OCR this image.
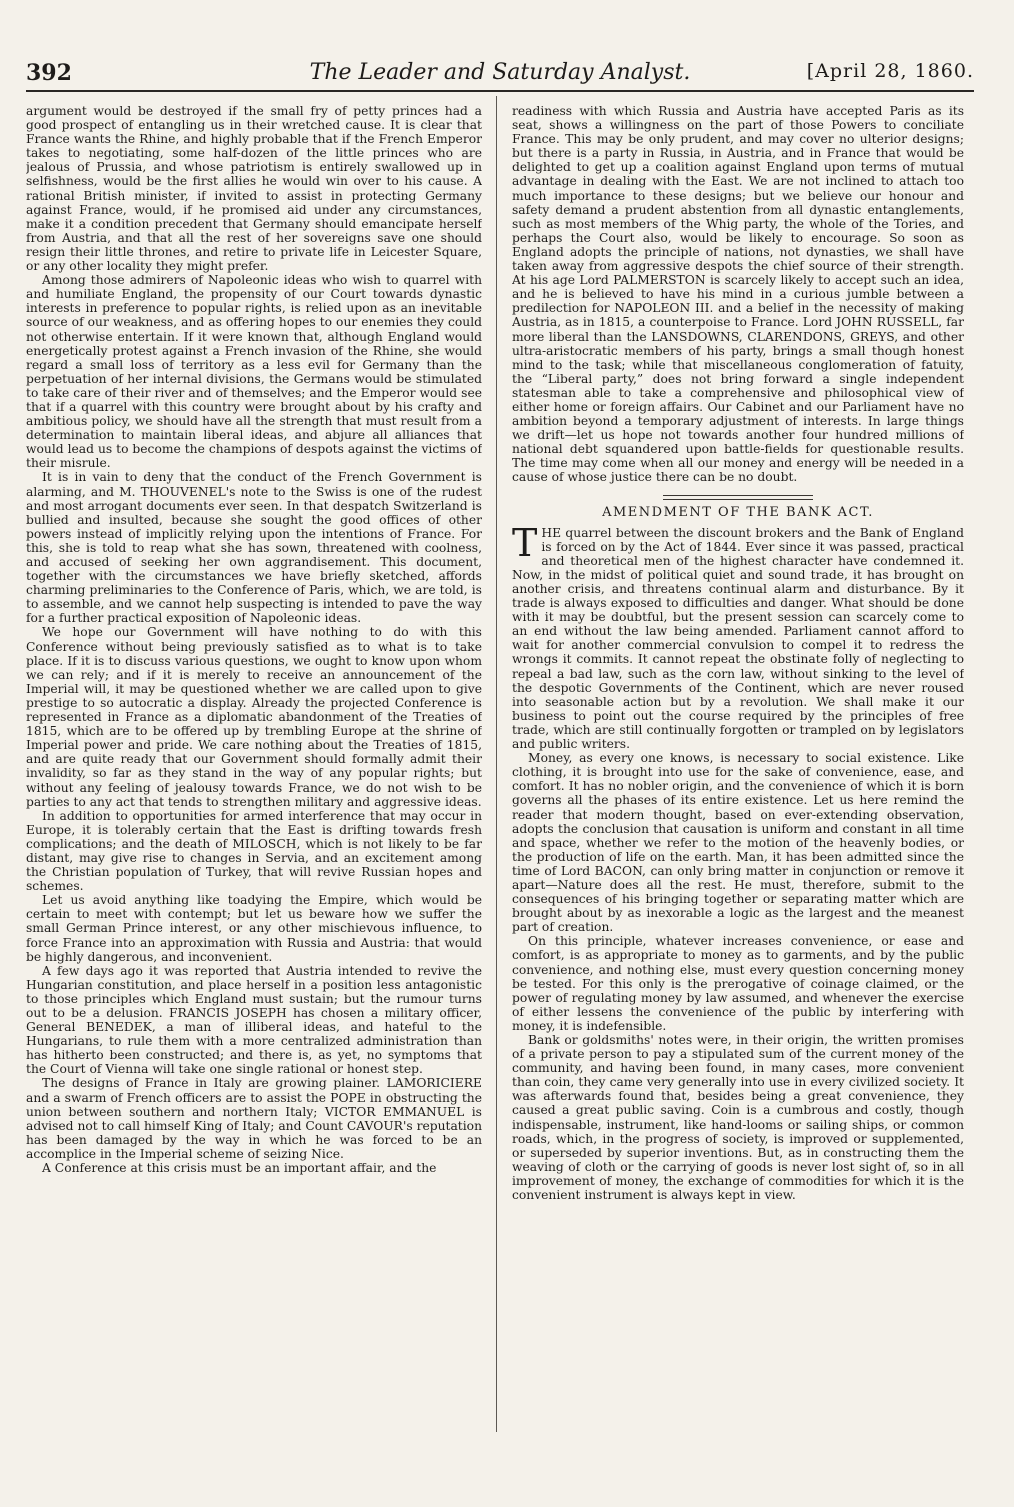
392	The Leader and Saturday Analyst.	[April 28, 1860.

argument would be destroyed if the small fry of petty princes had a good prospect of entangling us in their wretched cause. It is clear that France wants the Rhine, and highly probable that if the French Emperor takes to negotiating, some half-dozen of the little princes who are jealous of Prussia, and whose patriotism is entirely swallowed up in selfishness, would be the first allies he would win over to his cause. A rational British minister, if invited to assist in protecting Germany against France, would, if he promised aid under any circumstances, make it a condition precedent that Germany should emancipate herself from Austria, and that all the rest of her sovereigns save one should resign their little thrones, and retire to private life in Leicester Square, or any other locality they might prefer.

Among those admirers of Napoleonic ideas who wish to quarrel with and humiliate England, the propensity of our Court towards dynastic interests in preference to popular rights, is relied upon as an inevitable source of our weakness, and as offering hopes to our enemies they could not otherwise entertain. If it were known that, although England would energetically protest against a French invasion of the Rhine, she would regard a small loss of territory as a less evil for Germany than the perpetuation of her internal divisions, the Germans would be stimulated to take care of their river and of themselves; and the Emperor would see that if a quarrel with this country were brought about by his crafty and ambitious policy, we should have all the strength that must result from a determination to maintain liberal ideas, and abjure all alliances that would lead us to become the champions of despots against the victims of their misrule.

It is in vain to deny that the conduct of the French Government is alarming, and M. THOUVENEL's note to the Swiss is one of the rudest and most arrogant documents ever seen. In that despatch Switzerland is bullied and insulted, because she sought the good offices of other powers instead of implicitly relying upon the intentions of France. For this, she is told to reap what she has sown, threatened with coolness, and accused of seeking her own aggrandisement. This document, together with the circumstances we have briefly sketched, affords charming preliminaries to the Conference of Paris, which, we are told, is to assemble, and we cannot help suspecting is intended to pave the way for a further practical exposition of Napoleonic ideas.

We hope our Government will have nothing to do with this Conference without being previously satisfied as to what is to take place. If it is to discuss various questions, we ought to know upon whom we can rely; and if it is merely to receive an announcement of the Imperial will, it may be questioned whether we are called upon to give prestige to so autocratic a display. Already the projected Conference is represented in France as a diplomatic abandonment of the Treaties of 1815, which are to be offered up by trembling Europe at the shrine of Imperial power and pride. We care nothing about the Treaties of 1815, and are quite ready that our Government should formally admit their invalidity, so far as they stand in the way of any popular rights; but without any feeling of jealousy towards France, we do not wish to be parties to any act that tends to strengthen military and aggressive ideas.

In addition to opportunities for armed interference that may occur in Europe, it is tolerably certain that the East is drifting towards fresh complications; and the death of MILOSCH, which is not likely to be far distant, may give rise to changes in Servia, and an excitement among the Christian population of Turkey, that will revive Russian hopes and schemes.

Let us avoid anything like toadying the Empire, which would be certain to meet with contempt; but let us beware how we suffer the small German Prince interest, or any other mischievous influence, to force France into an approximation with Russia and Austria: that would be highly dangerous, and inconvenient.

A few days ago it was reported that Austria intended to revive the Hungarian constitution, and place herself in a position less antagonistic to those principles which England must sustain; but the rumour turns out to be a delusion. FRANCIS JOSEPH has chosen a military officer, General BENEDEK, a man of illiberal ideas, and hateful to the Hungarians, to rule them with a more centralized administration than has hitherto been constructed; and there is, as yet, no symptoms that the Court of Vienna will take one single rational or honest step.

The designs of France in Italy are growing plainer. LAMORICIERE and a swarm of French officers are to assist the POPE in obstructing the union between southern and northern Italy; VICTOR EMMANUEL is advised not to call himself King of Italy; and Count CAVOUR's reputation has been damaged by the way in which he was forced to be an accomplice in the Imperial scheme of seizing Nice.

A Conference at this crisis must be an important affair, and the

readiness with which Russia and Austria have accepted Paris as its seat, shows a willingness on the part of those Powers to conciliate France. This may be only prudent, and may cover no ulterior designs; but there is a party in Russia, in Austria, and in France that would be delighted to get up a coalition against England upon terms of mutual advantage in dealing with the East. We are not inclined to attach too much importance to these designs; but we believe our honour and safety demand a prudent abstention from all dynastic entanglements, such as most members of the Whig party, the whole of the Tories, and perhaps the Court also, would be likely to encourage. So soon as England adopts the principle of nations, not dynasties, we shall have taken away from aggressive despots the chief source of their strength. At his age Lord PALMERSTON is scarcely likely to accept such an idea, and he is believed to have his mind in a curious jumble between a predilection for NAPOLEON III. and a belief in the necessity of making Austria, as in 1815, a counterpoise to France. Lord JOHN RUSSELL, far more liberal than the LANSDOWNS, CLARENDONS, GREYS, and other ultra-aristocratic members of his party, brings a small though honest mind to the task; while that miscellaneous conglomeration of fatuity, the “Liberal party,” does not bring forward a single independent statesman able to take a comprehensive and philosophical view of either home or foreign affairs. Our Cabinet and our Parliament have no ambition beyond a temporary adjustment of interests. In large things we drift—let us hope not towards another four hundred millions of national debt squandered upon battle-fields for questionable results. The time may come when all our money and energy will be needed in a cause of whose justice there can be no doubt.

AMENDMENT OF THE BANK ACT.

THE quarrel between the discount brokers and the Bank of England is forced on by the Act of 1844. Ever since it was passed, practical and theoretical men of the highest character have condemned it. Now, in the midst of political quiet and sound trade, it has brought on another crisis, and threatens continual alarm and disturbance. By it trade is always exposed to difficulties and danger. What should be done with it may be doubtful, but the present session can scarcely come to an end without the law being amended. Parliament cannot afford to wait for another commercial convulsion to compel it to redress the wrongs it commits. It cannot repeat the obstinate folly of neglecting to repeal a bad law, such as the corn law, without sinking to the level of the despotic Governments of the Continent, which are never roused into seasonable action but by a revolution. We shall make it our business to point out the course required by the principles of free trade, which are still continually forgotten or trampled on by legislators and public writers.

Money, as every one knows, is necessary to social existence. Like clothing, it is brought into use for the sake of convenience, ease, and comfort. It has no nobler origin, and the convenience of which it is born governs all the phases of its entire existence. Let us here remind the reader that modern thought, based on ever-extending observation, adopts the conclusion that causation is uniform and constant in all time and space, whether we refer to the motion of the heavenly bodies, or the production of life on the earth. Man, it has been admitted since the time of Lord BACON, can only bring matter in conjunction or remove it apart—Nature does all the rest. He must, therefore, submit to the consequences of his bringing together or separating matter which are brought about by as inexorable a logic as the largest and the meanest part of creation.

On this principle, whatever increases convenience, or ease and comfort, is as appropriate to money as to garments, and by the public convenience, and nothing else, must every question concerning money be tested. For this only is the prerogative of coinage claimed, or the power of regulating money by law assumed, and whenever the exercise of either lessens the convenience of the public by interfering with money, it is indefensible.

Bank or goldsmiths' notes were, in their origin, the written promises of a private person to pay a stipulated sum of the current money of the community, and having been found, in many cases, more convenient than coin, they came very generally into use in every civilized society. It was afterwards found that, besides being a great convenience, they caused a great public saving. Coin is a cumbrous and costly, though indispensable, instrument, like hand-looms or sailing ships, or common roads, which, in the progress of society, is improved or supplemented, or superseded by superior inventions. But, as in constructing them the weaving of cloth or the carrying of goods is never lost sight of, so in all improvement of money, the exchange of commodities for which it is the convenient instrument is always kept in view.
